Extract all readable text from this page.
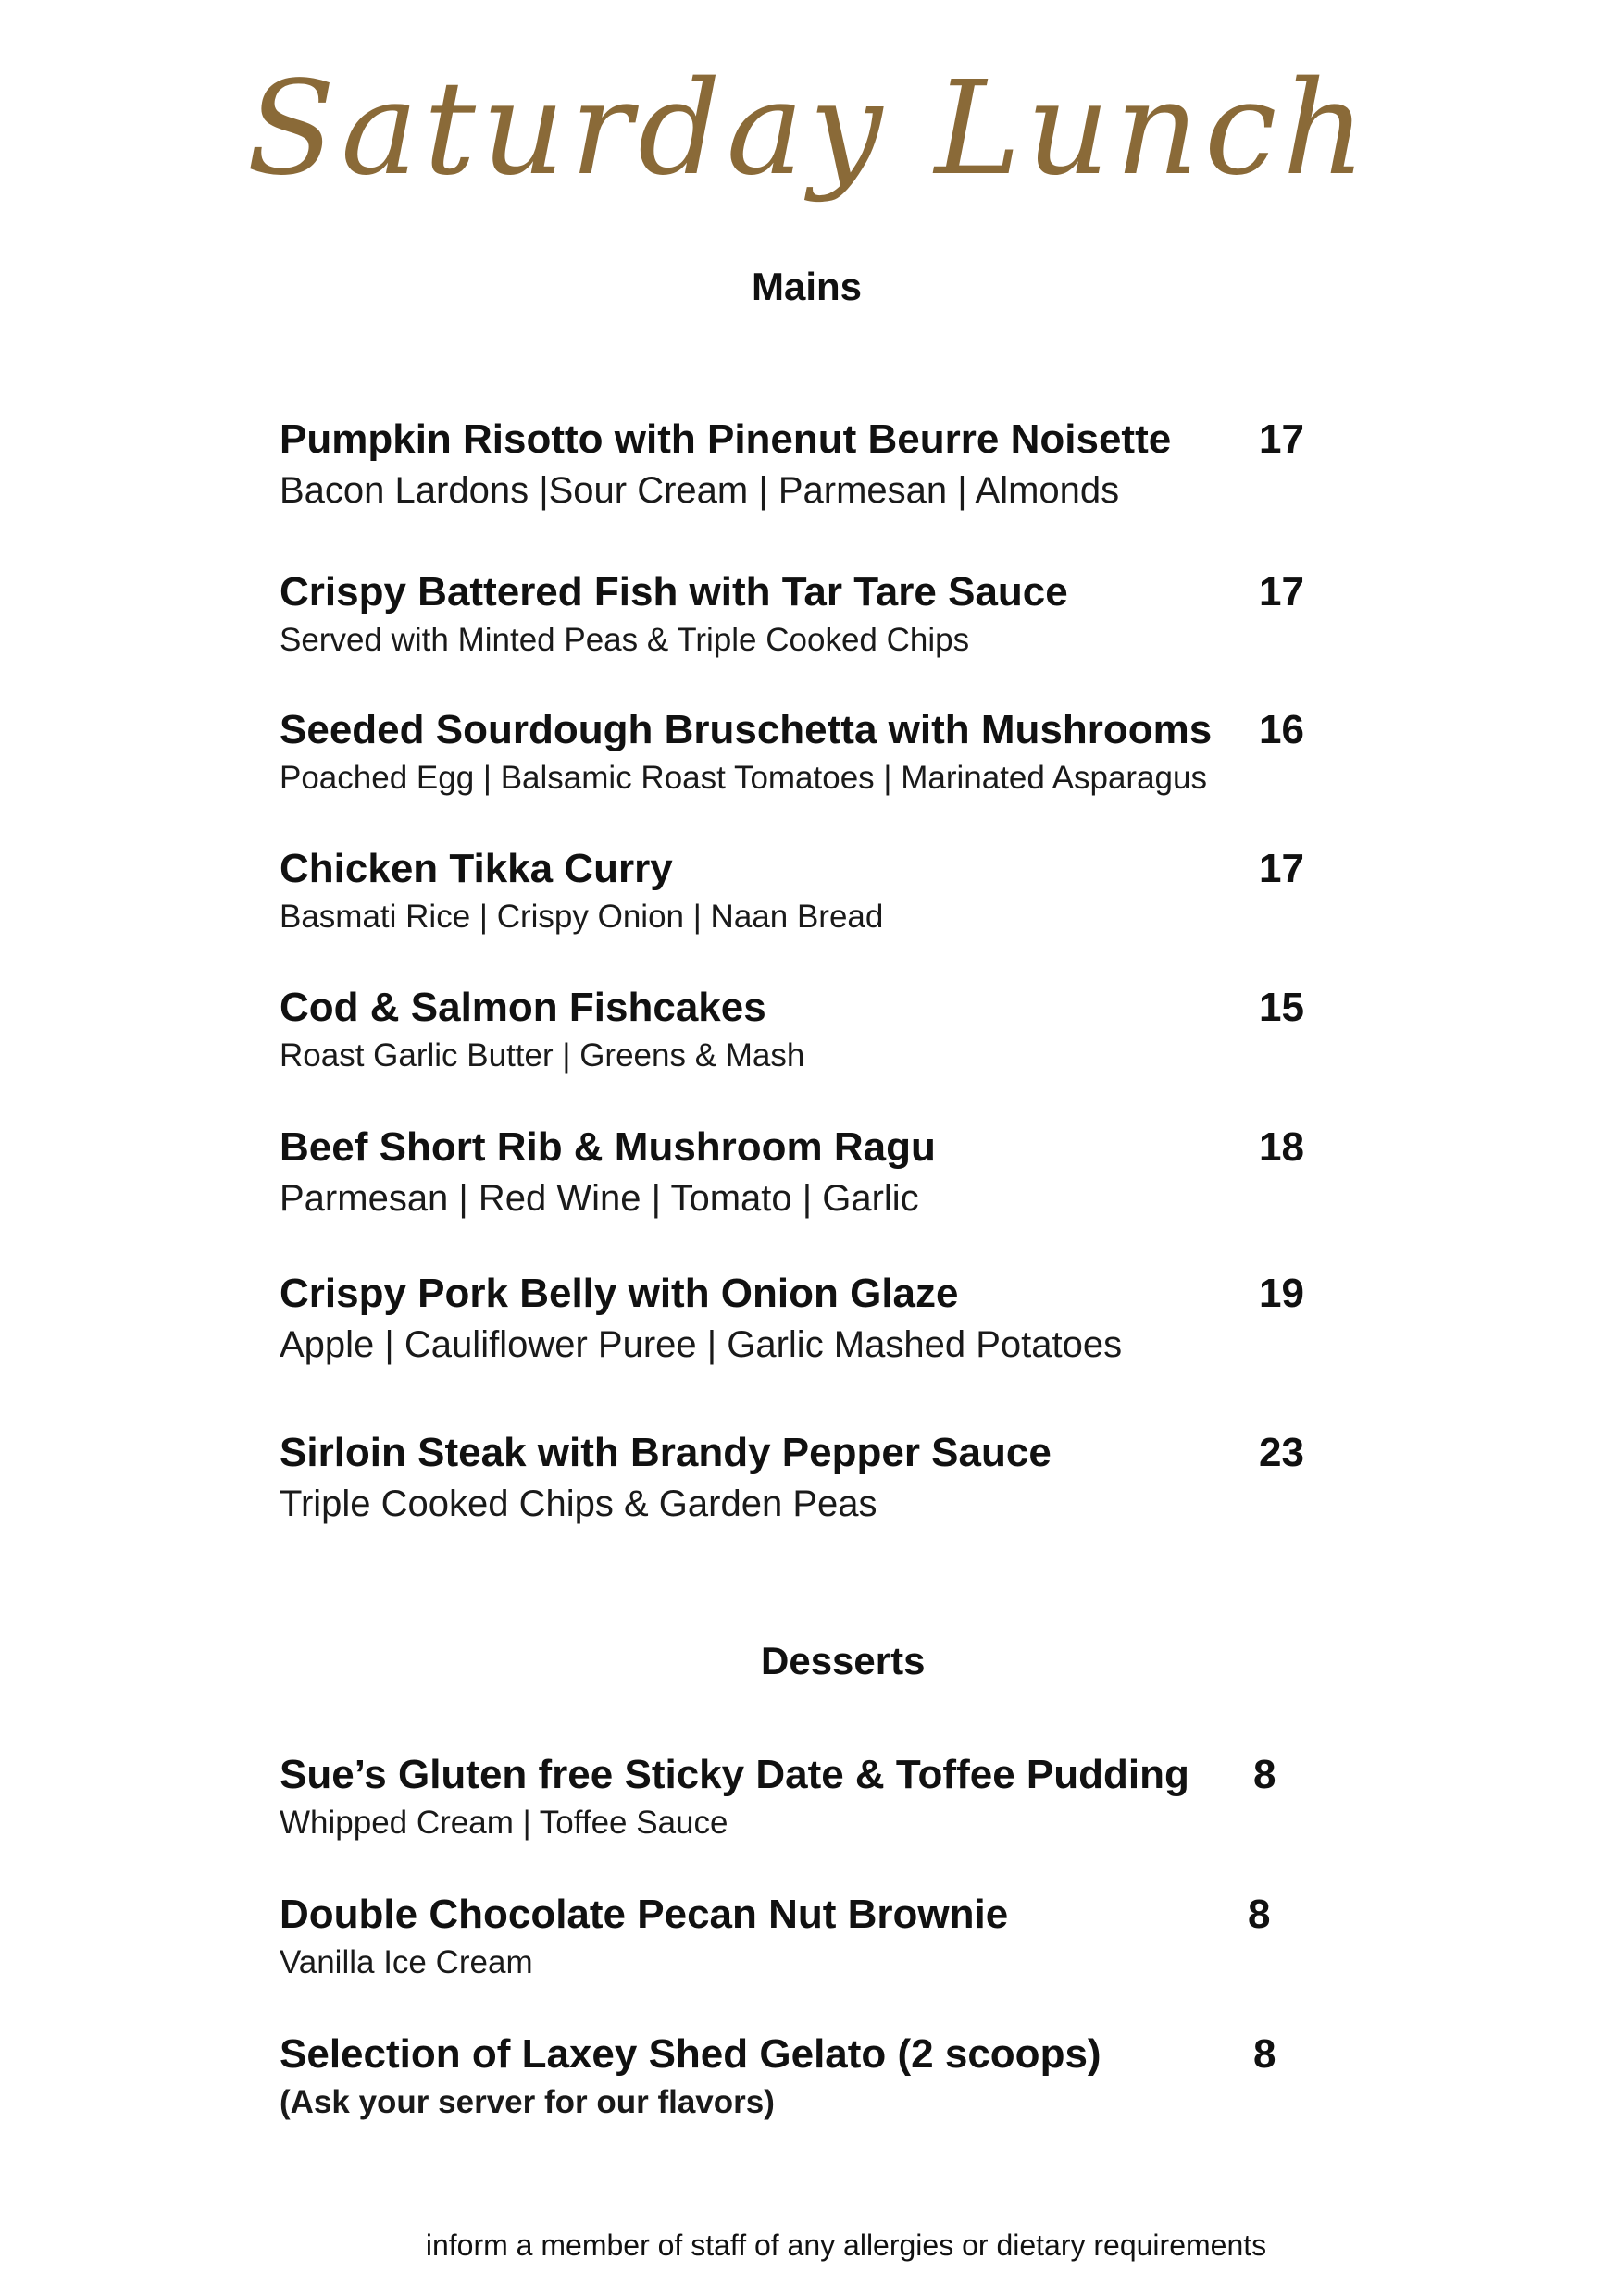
Saturday Lunch
Mains
Pumpkin Risotto with Pinenut Beurre Noisette
Bacon Lardons |Sour Cream | Parmesan | Almonds
17
Crispy Battered Fish with Tar Tare Sauce
Served with Minted Peas & Triple Cooked Chips
17
Seeded Sourdough Bruschetta with Mushrooms
Poached Egg | Balsamic Roast Tomatoes | Marinated Asparagus
16
Chicken Tikka Curry
Basmati Rice | Crispy Onion | Naan Bread
17
Cod & Salmon Fishcakes
Roast Garlic Butter | Greens & Mash
15
Beef Short Rib & Mushroom Ragu
Parmesan | Red Wine | Tomato | Garlic
18
Crispy Pork Belly with Onion Glaze
Apple | Cauliflower Puree | Garlic Mashed Potatoes
19
Sirloin Steak with Brandy Pepper Sauce
Triple Cooked Chips & Garden Peas
23
Desserts
Sue’s Gluten free Sticky Date & Toffee Pudding
Whipped Cream | Toffee Sauce
8
Double Chocolate Pecan Nut Brownie
Vanilla Ice Cream
8
Selection of Laxey Shed Gelato (2 scoops)
(Ask your server for our flavors)
8
inform a member of staff of any allergies or dietary requirements
